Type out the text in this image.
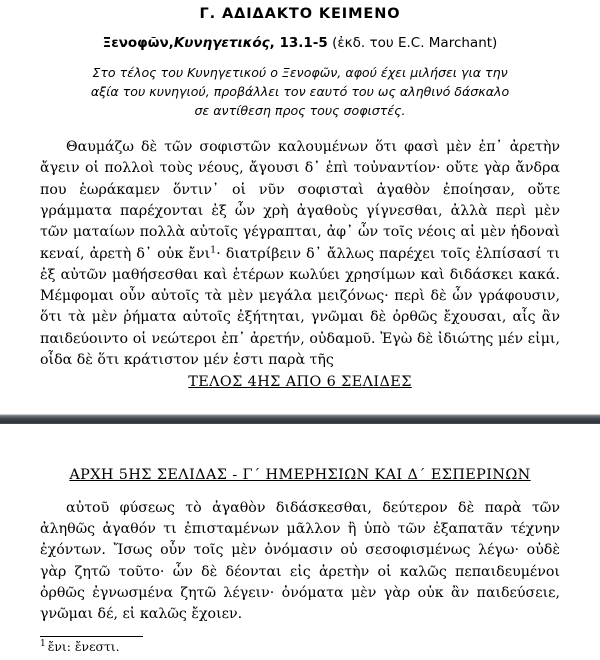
Γ. ΑΔΙΔΑΚΤΟ ΚΕΙΜΕΝΟ

Ξενοφῶν,Κυνηγετικός, 13.1-5 (ἐκδ. του E.C. Marchant)

Στο τέλος του Κυνηγετικού ο Ξενοφῶν, αφού έχει μιλήσει για την αξία του κυνηγιού, προβάλλει τον εαυτό του ως αληθινό δάσκαλο σε αντίθεση προς τους σοφιστές.

Θαυμάζω δὲ τῶν σοφιστῶν καλουμένων ὅτι φασὶ μὲν ἐπ᾽ ἀρετὴν ἄγειν οἱ πολλοὶ τοὺς νέους, ἄγουσι δ᾽ ἐπὶ τοὐναντίον· οὔτε γὰρ ἄνδρα που ἑωράκαμεν ὅντιν᾽ οἱ νῦν σοφισταὶ ἀγαθὸν ἐποίησαν, οὔτε γράμματα παρέχονται ἐξ ὧν χρὴ ἀγαθοὺς γίγνεσθαι, ἀλλὰ περὶ μὲν τῶν ματαίων πολλὰ αὐτοῖς γέγραπται, ἀφ᾽ ὧν τοῖς νέοις αἱ μὲν ἡδοναὶ κεναί, ἀρετὴ δ᾽ οὐκ ἔνι$^1$· διατρίβειν δ᾽ ἄλλως παρέχει τοῖς ἐλπίσασί τι ἐξ αὐτῶν μαθήσεσθαι καὶ ἑτέρων κωλύει χρησίμων καὶ διδάσκει κακά. Μέμφομαι οὖν αὐτοῖς τὰ μὲν μεγάλα μειζόνως· περὶ δὲ ὧν γράφουσιν, ὅτι τὰ μὲν ῥήματα αὐτοῖς ἐξήτηται, γνῶμαι δὲ ὀρθῶς ἔχουσαι, αἷς ἂν παιδεύοιντο οἱ νεώτεροι ἐπ᾽ ἀρετήν, οὐδαμοῦ. Ἐγὼ δὲ ἰδιώτης μέν εἰμι, οἶδα δὲ ὅτι κράτιστον μέν ἐστι παρὰ τῆς

ΤΕΛΟΣ 4ΗΣ ΑΠΟ 6 ΣΕΛΙΔΕΣ
ΑΡΧΗ 5ΗΣ ΣΕΛΙΔΑΣ - Γ΄ ΗΜΕΡΗΣΙΩΝ ΚΑΙ Δ΄ ΕΣΠΕΡΙΝΩΝ

αὐτοῦ φύσεως τὸ ἀγαθὸν διδάσκεσθαι, δεύτερον δὲ παρὰ τῶν ἀληθῶς ἀγαθόν τι ἐπισταμένων μᾶλλον ἢ ὑπὸ τῶν ἐξαπατᾶν τέχνην ἐχόντων. Ἴσως οὖν τοῖς μὲν ὀνόμασιν οὐ σεσοφισμένως λέγω· οὐδὲ γὰρ ζητῶ τοῦτο· ὧν δὲ δέονται εἰς ἀρετὴν οἱ καλῶς πεπαιδευμένοι ὀρθῶς ἐγνωσμένα ζητῶ λέγειν· ὀνόματα μὲν γὰρ οὐκ ἂν παιδεύσειε, γνῶμαι δέ, εἰ καλῶς ἔχοιεν.

$^1$ ἔνι: ἔνεστι.
